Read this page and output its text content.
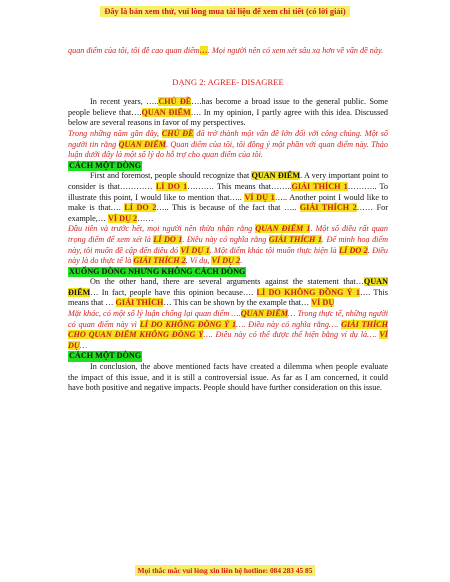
Đây là bản xem thử, vui lòng mua tài liệu để xem chi tiết (có lời giải)

quan điểm của tôi, tôi đề cao quan điểm…. Mọi người nên có xem xét sâu xa hơn về vấn đề này.

DẠNG 2: AGREE- DISAGREE

In recent years, …..CHỦ ĐỀ….has become a broad issue to the general public. Some people believe that….QUAN ĐIỂM…. In my opinion, I partly agree with this idea. Discussed below are several reasons in favor of my perspectives.

Trong những năm gần đây, CHỦ ĐỀ đã trở thành một vấn đề lớn đối với công chúng. Một số người tin rằng QUAN ĐIỂM. Quan điểm của tôi, tôi đồng ý một phần với quan điểm này. Thảo luận dưới đây là một số lý do hỗ trợ cho quan điểm của tôi.

CÁCH MỘT DÒNG

First and foremost, people should recognize that QUAN ĐIỂM. A very important point to consider is that………… LÍ DO 1………. This means that……..GIẢI THÍCH 1……….. To illustrate this point, I would like to mention that….. VÍ DỤ 1….. Another point I would like to make is that…. LÍ DO 2….. This is because of the fact that ….. GIẢI THÍCH 2…… For example,… VÍ DỤ 2……

Đầu tiên và trước hết, mọi người nên thừa nhận rằng QUAN ĐIỂM 1. Một số điều rất quan trọng điểm để xem xét là LÍ DO 1. Điều này có nghĩa rằng GIẢI THÍCH 1. Để minh hoạ điểm này, tôi muốn đề cập đến điều đó VÍ DỤ 1. Một điểm khác tôi muốn thực hiện là LÍ DO 2. Điều này là do thực tế là GIẢI THÍCH 2. Ví dụ, VÍ DỤ 2.

XUỐNG DÒNG NHƯNG KHÔNG CÁCH DÒNG

On the other hand, there are several arguments against the statement that…QUAN ĐIỂM… In fact, people have this opinion because…. LÍ DO KHÔNG ĐỒNG Ý 1…. This means that … GIẢI THÍCH… This can be shown by the example that… VÍ DỤ

Mặt khác, có một số lý luận chống lại quan điểm ….QUAN ĐIỂM… Trong thực tế, những người có quan điểm này vì LÍ DO KHÔNG ĐỒNG Ý 1…. Điều này có nghĩa rằng…. GIẢI THÍCH CHO QUAN ĐIỂM KHÔNG ĐỒNG Ý…. Điều này có thể được thể hiện bằng ví dụ là…. VÍ DỤ…

CÁCH MỘT DÒNG

In conclusion, the above mentioned facts have created a dilemma when people evaluate the impact of this issue, and it is still a controversial issue. As far as I am concerned, it could have both positive and negative impacts. People should have further consideration on this issue.

Mọi thắc mắc vui lòng xin liên hệ hotline: 084 283 45 85
